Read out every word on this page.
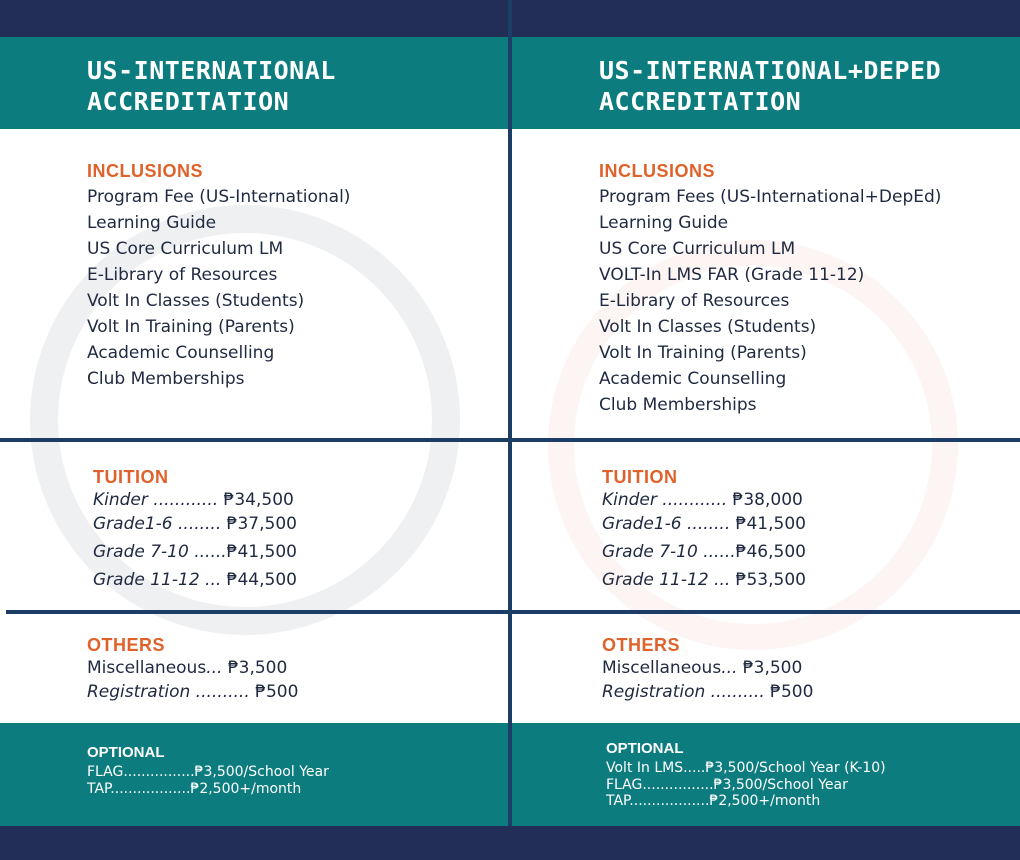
US-INTERNATIONAL
ACCREDITATION
INCLUSIONS
Program Fee (US-International)
Learning Guide
US Core Curriculum LM
E-Library of Resources
Volt In Classes (Students)
Volt In Training (Parents)
Academic Counselling
Club Memberships
TUITION
Kinder ............ ₱34,500
Grade1-6 ........ ₱37,500
Grade 7-10 ......₱41,500
Grade 11-12 ... ₱44,500
OTHERS
Miscellaneous... ₱3,500
Registration .......... ₱500
OPTIONAL
FLAG................₱3,500/School Year
TAP..................₱2,500+/month
US-INTERNATIONAL+DEPED
ACCREDITATION
INCLUSIONS
Program Fees (US-International+DepEd)
Learning Guide
US Core Curriculum LM
VOLT-In LMS FAR (Grade 11-12)
E-Library of Resources
Volt In Classes (Students)
Volt In Training (Parents)
Academic Counselling
Club Memberships
TUITION
Kinder ............ ₱38,000
Grade1-6 ........ ₱41,500
Grade 7-10 ......₱46,500
Grade 11-12 ... ₱53,500
OTHERS
Miscellaneous... ₱3,500
Registration .......... ₱500
OPTIONAL
Volt In LMS.....₱3,500/School Year (K-10)
FLAG................₱3,500/School Year
TAP..................₱2,500+/month
